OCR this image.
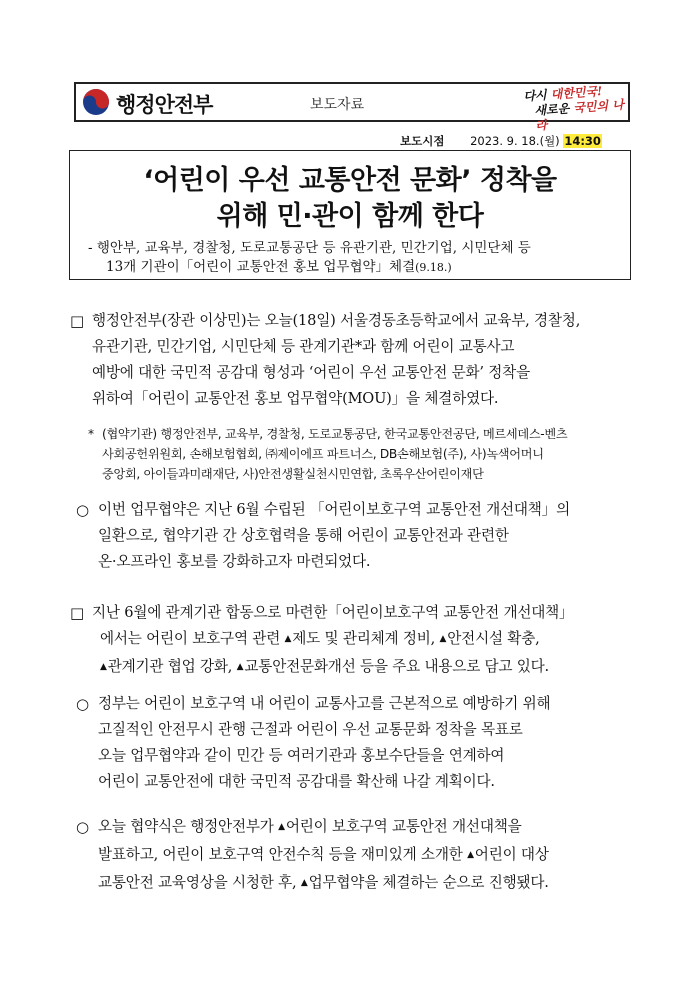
행정안전부	보도자료
다시 대한민국!
새로운 국민의 나라
보도시점 2023. 9. 18.(월) 14:30
‘어린이 우선 교통안전 문화’ 정착을
위해 민·관이 함께 한다
- 행안부, 교육부, 경찰청, 도로교통공단 등 유관기관, 민간기업, 시민단체 등
13개 기관이「어린이 교통안전 홍보 업무협약」체결(9.18.)
□ 행정안전부(장관 이상민)는 오늘(18일) 서울경동초등학교에서 교육부, 경찰청,
유관기관, 민간기업, 시민단체 등 관계기관*과 함께 어린이 교통사고
예방에 대한 국민적 공감대 형성과 ‘어린이 우선 교통안전 문화’ 정착을
위하여「어린이 교통안전 홍보 업무협약(MOU)」을 체결하였다.
* (협약기관) 행정안전부, 교육부, 경찰청, 도로교통공단, 한국교통안전공단, 메르세데스-벤츠
사회공헌위원회, 손해보험협회, ㈜제이에프 파트너스, DB손해보험(주), 사)녹색어머니
중앙회, 아이들과미래재단, 사)안전생활실천시민연합, 초록우산어린이재단
○ 이번 업무협약은 지난 6월 수립된 「어린이보호구역 교통안전 개선대책」의
일환으로, 협약기관 간 상호협력을 통해 어린이 교통안전과 관련한
온·오프라인 홍보를 강화하고자 마련되었다.
□ 지난 6월에 관계기관 합동으로 마련한「어린이보호구역 교통안전 개선대책」
에서는 어린이 보호구역 관련 ▲제도 및 관리체계 정비, ▲안전시설 확충,
▲관계기관 협업 강화, ▲교통안전문화개선 등을 주요 내용으로 담고 있다.
○ 정부는 어린이 보호구역 내 어린이 교통사고를 근본적으로 예방하기 위해
고질적인 안전무시 관행 근절과 어린이 우선 교통문화 정착을 목표로
오늘 업무협약과 같이 민간 등 여러기관과 홍보수단들을 연계하여
어린이 교통안전에 대한 국민적 공감대를 확산해 나갈 계획이다.
○ 오늘 협약식은 행정안전부가 ▲어린이 보호구역 교통안전 개선대책을
발표하고, 어린이 보호구역 안전수칙 등을 재미있게 소개한 ▲어린이 대상
교통안전 교육영상을 시청한 후, ▲업무협약을 체결하는 순으로 진행됐다.
